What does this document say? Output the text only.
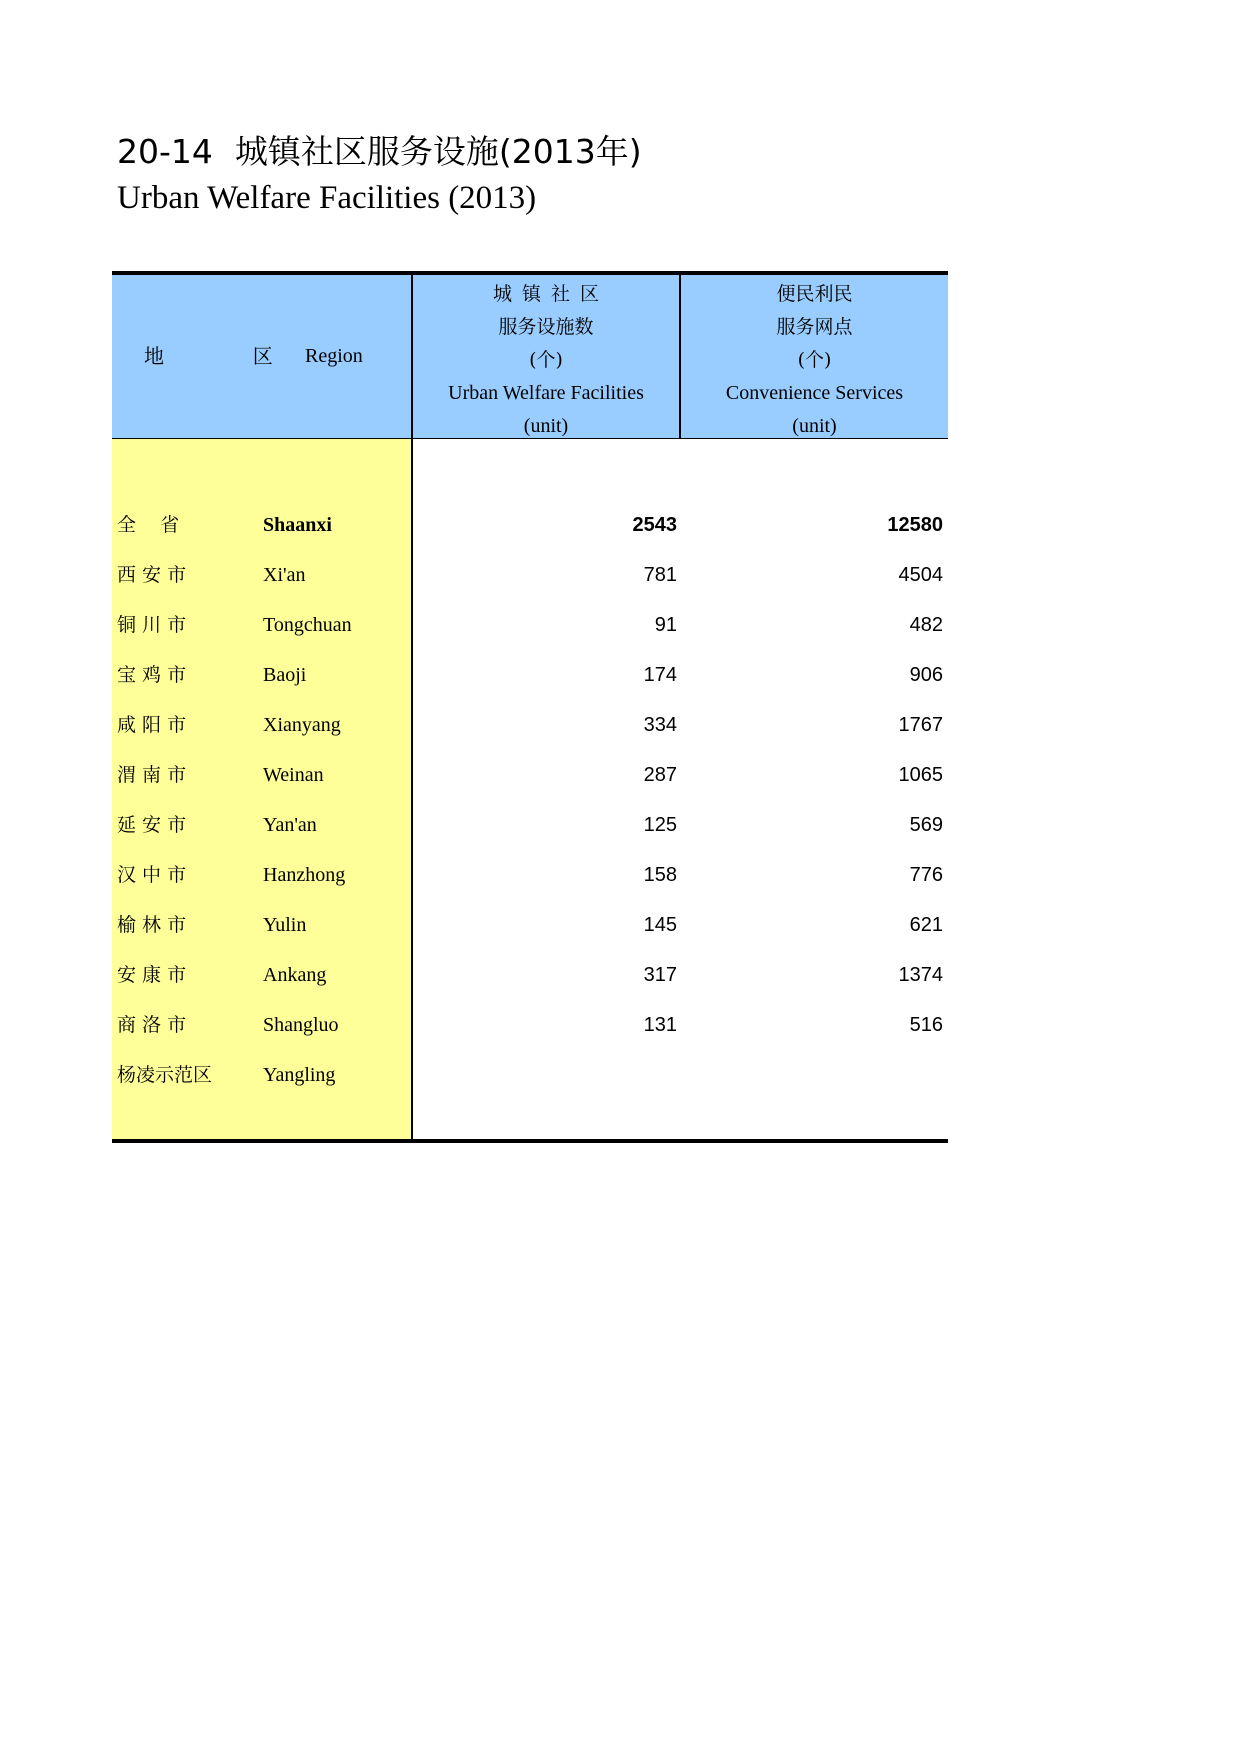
20-14 城镇社区服务设施(2013年)
Urban Welfare Facilities (2013)
地  区 Region
城镇社区
服务设施数
(个)
Urban Welfare Facilities
(unit)
便民利民
服务网点
(个)
Convenience Services
(unit)
全    省	Shaanxi	2543	12580
西 安 市	Xi'an	781	4504
铜 川 市	Tongchuan	91	482
宝 鸡 市	Baoji	174	906
咸 阳 市	Xianyang	334	1767
渭 南 市	Weinan	287	1065
延 安 市	Yan'an	125	569
汉 中 市	Hanzhong	158	776
榆 林 市	Yulin	145	621
安 康 市	Ankang	317	1374
商 洛 市	Shangluo	131	516
杨凌示范区	Yangling
